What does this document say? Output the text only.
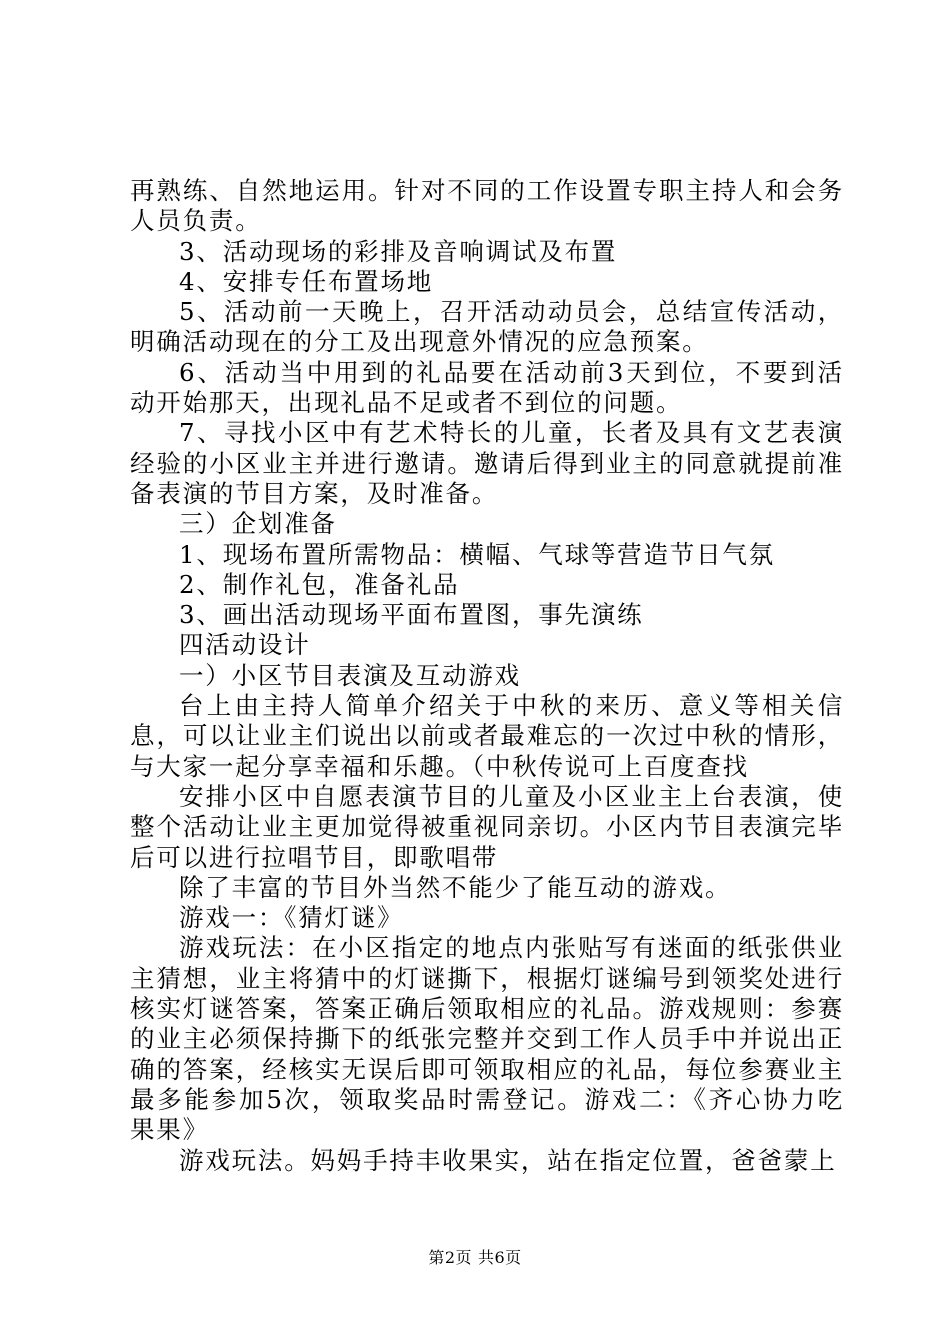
再熟练、自然地运用。针对不同的工作设置专职主持人和会务人员负责。

3、活动现场的彩排及音响调试及布置

4、安排专任布置场地

5、活动前一天晚上，召开活动动员会，总结宣传活动，明确活动现在的分工及出现意外情况的应急预案。

6、活动当中用到的礼品要在活动前3天到位，不要到活动开始那天，出现礼品不足或者不到位的问题。

7、寻找小区中有艺术特长的儿童，长者及具有文艺表演经验的小区业主并进行邀请。邀请后得到业主的同意就提前准备表演的节目方案，及时准备。

三）企划准备

1、现场布置所需物品：横幅、气球等营造节日气氛

2、制作礼包，准备礼品

3、画出活动现场平面布置图，事先演练

四活动设计

一）小区节目表演及互动游戏

台上由主持人简单介绍关于中秋的来历、意义等相关信息，可以让业主们说出以前或者最难忘的一次过中秋的情形，与大家一起分享幸福和乐趣。（中秋传说可上百度查找

安排小区中自愿表演节目的儿童及小区业主上台表演，使整个活动让业主更加觉得被重视同亲切。小区内节目表演完毕后可以进行拉唱节目，即歌唱带

除了丰富的节目外当然不能少了能互动的游戏。

游戏一：《猜灯谜》

游戏玩法：在小区指定的地点内张贴写有迷面的纸张供业主猜想，业主将猜中的灯谜撕下，根据灯谜编号到领奖处进行核实灯谜答案，答案正确后领取相应的礼品。游戏规则：参赛的业主必须保持撕下的纸张完整并交到工作人员手中并说出正确的答案，经核实无误后即可领取相应的礼品，每位参赛业主最多能参加5次，领取奖品时需登记。游戏二：《齐心协力吃果果》

游戏玩法。妈妈手持丰收果实，站在指定位置，爸爸蒙上

第2页 共6页
